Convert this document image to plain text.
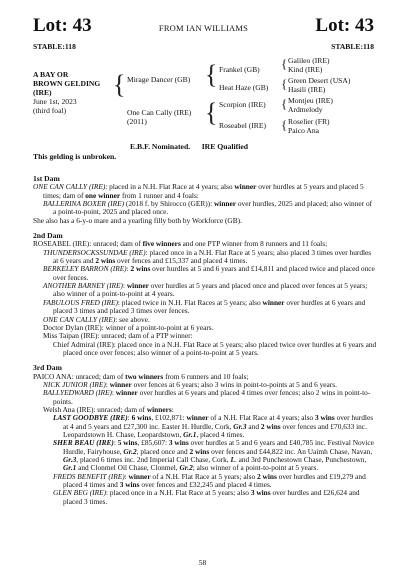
Lot: 43	FROM IAN WILLIAMS	Lot: 43
STABLE:118	STABLE:118
A BAY OR
BROWN GELDING
(IRE)
June 1st, 2023
(third foal)
{ Mirage Dancer (GB)
One Can Cally (IRE)
(2011)
{ Frankel (GB)
Heat Haze (GB)
{ Scorpion (IRE)
Roseabel (IRE)
{ Galileo (IRE)
Kind (IRE)
{ Green Desert (USA)
Hasili (IRE)
{ Montjeu (IRE)
Ardmelody
{ Roselier (FR)
Paico Ana
E.B.F. Nominated. IRE Qualified
This gelding is unbroken.
1st Dam

ONE CAN CALLY (IRE): placed in a N.H. Flat Race at 4 years; also winner over hurdles at 5 years and placed 5 times; dam of one winner from 1 runner and 4 foals:

BALLERINA BOXER (IRE) (2018 f. by Shirocco (GER)): winner over hurdles, 2025 and placed; also winner of a point-to-point, 2025 and placed once.

She also has a 6-y-o mare and a yearling filly both by Workforce (GB).

2nd Dam

ROSEABEL (IRE): unraced; dam of five winners and one PTP winner from 8 runners and 11 foals;

THUNDERSOCKSSUNDAE (IRE): placed once in a N.H. Flat Race at 5 years; also placed 3 times over hurdles at 6 years and 2 wins over fences and £15,337 and placed 4 times.

BERKELEY BARRON (IRE): 2 wins over hurdles at 5 and 6 years and £14,811 and placed twice and placed once over fences.

ANOTHER BARNEY (IRE): winner over hurdles at 5 years and placed once and placed over fences at 5 years; also winner of a point-to-point at 4 years.

FABULOUS FRED (IRE): placed twice in N.H. Flat Races at 5 years; also winner over hurdles at 6 years and placed 3 times and placed 3 times over fences.

ONE CAN CALLY (IRE): see above.

Doctor Dylan (IRE): winner of a point-to-point at 6 years.

Miss Taipan (IRE): unraced; dam of a PTP winner:

Chief Admiral (IRE): placed once in a N.H. Flat Race at 5 years; also placed twice over hurdles at 6 years and placed once over fences; also winner of a point-to-point at 5 years.

3rd Dam

PAICO ANA: unraced; dam of two winners from 6 runners and 10 foals;

NICK JUNIOR (IRE): winner over fences at 6 years; also 3 wins in point-to-points at 5 and 6 years.

BALLYEDWARD (IRE): winner over hurdles at 6 years and placed 4 times over fences; also 2 wins in point-to-points.

Welsh Ana (IRE): unraced; dam of winners:

LAST GOODBYE (IRE): 6 wins, £102,871: winner of a N.H. Flat Race at 4 years; also 3 wins over hurdles at 4 and 5 years and £27,300 inc. Easter H. Hurdle, Cork, Gr.3 and 2 wins over fences and £70,633 inc. Leopardstown H. Chase, Leopardstown, Gr.1, placed 4 times.

SHER BEAU (IRE): 5 wins, £85,607: 3 wins over hurdles at 5 and 6 years and £40,785 inc. Festival Novice Hurdle, Fairyhouse, Gr.2, placed once and 2 wins over fences and £44,822 inc. An Uaimh Chase, Navan, Gr.3, placed 6 times inc. 2nd Imperial Call Chase, Cork, L. and 3rd Punchestown Chase, Punchestown, Gr.1 and Clonmel Oil Chase, Clonmel, Gr.2; also winner of a point-to-point at 5 years.

FREDS BENEFIT (IRE): winner of a N.H. Flat Race at 5 years; also 2 wins over hurdles and £19,279 and placed 4 times and 3 wins over fences and £32,245 and placed 4 times.

GLEN BEG (IRE): placed once in a N.H. Flat Race at 5 years; also 3 wins over hurdles and £26,624 and placed 3 times.

58
